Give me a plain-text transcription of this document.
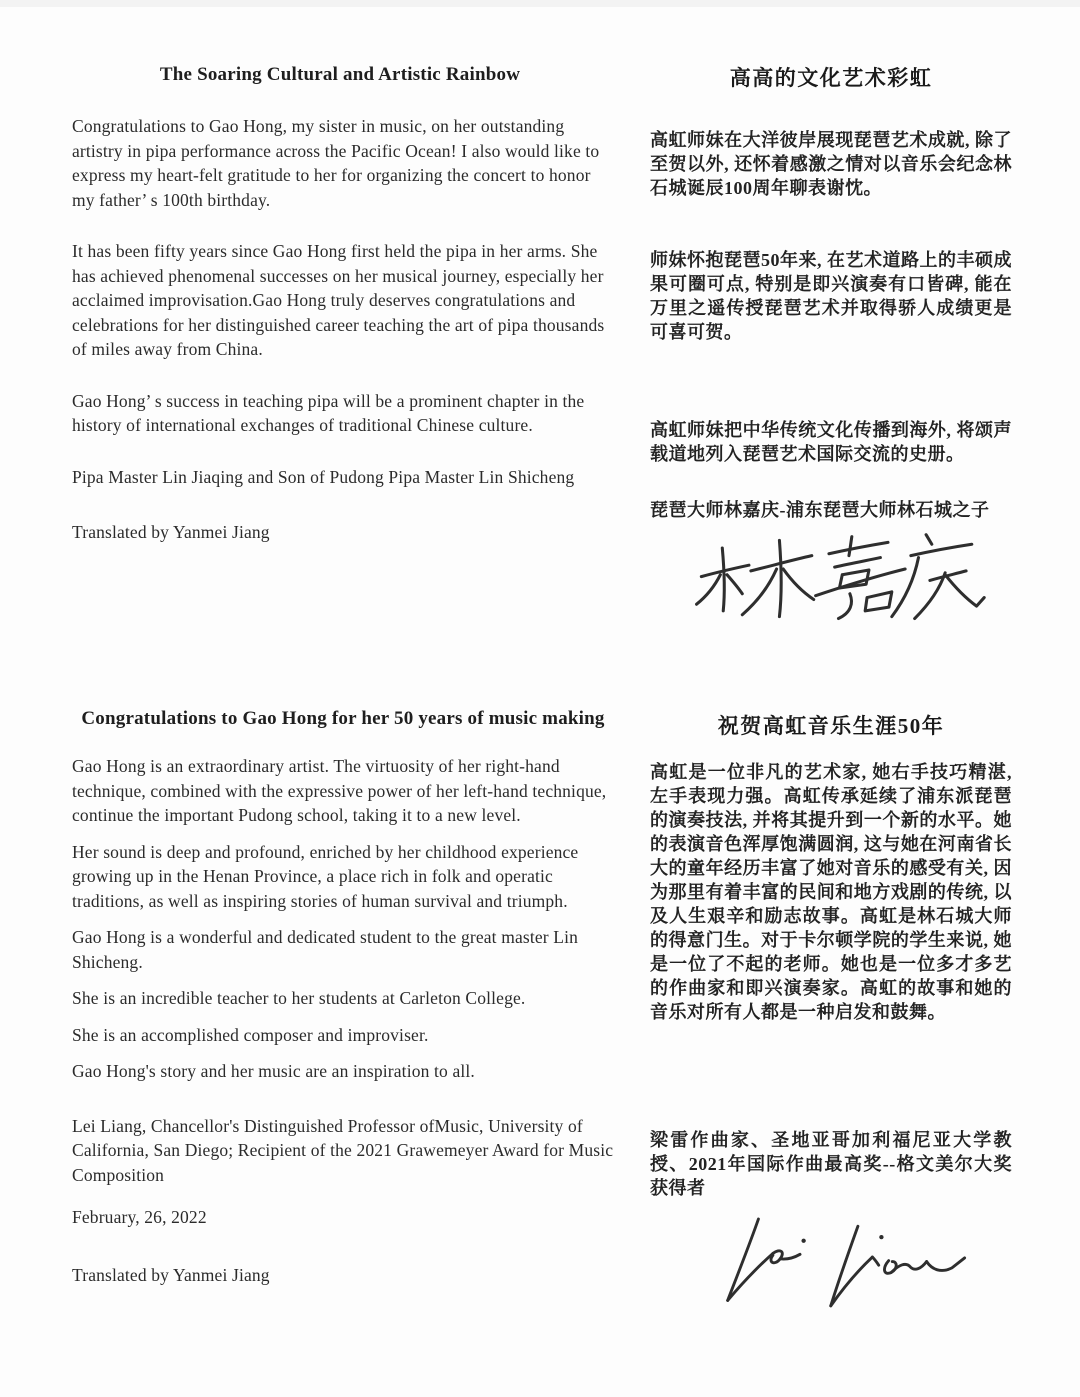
The Soaring Cultural and Artistic Rainbow

Congratulations to Gao Hong, my sister in music, on her outstanding artistry in pipa performance across the Pacific Ocean! I also would like to express my heart-felt gratitude to her for organizing the concert to honor my father’ s 100th birthday.

It has been fifty years since Gao Hong first held the pipa in her arms. She has achieved phenomenal successes on her musical journey, especially her acclaimed improvisation.Gao Hong truly deserves congratulations and celebrations for her distinguished career teaching the art of pipa thousands of miles away from China.

Gao Hong’ s success in teaching pipa will be a prominent chapter in the history of international exchanges of traditional Chinese culture.

Pipa Master Lin Jiaqing and Son of Pudong Pipa Master Lin Shicheng

Translated by Yanmei Jiang

高高的文化艺术彩虹

高虹师妹在大洋彼岸展现琵琶艺术成就, 除了至贺以外, 还怀着感激之情对以音乐会纪念林石城诞辰100周年聊表谢忱。

师妹怀抱琵琶50年来, 在艺术道路上的丰硕成果可圈可点, 特别是即兴演奏有口皆碑, 能在万里之遥传授琵琶艺术并取得骄人成绩更是可喜可贺。

高虹师妹把中华传统文化传播到海外, 将颂声载道地列入琵琶艺术国际交流的史册。

琵琶大师林嘉庆-浦东琵琶大师林石城之子

Congratulations to Gao Hong for her 50 years of music making

Gao Hong is an extraordinary artist. The virtuosity of her right-hand technique, combined with the expressive power of her left-hand technique, continue the important Pudong school, taking it to a new level.

Her sound is deep and profound, enriched by her childhood experience growing up in the Henan Province, a place rich in folk and operatic traditions, as well as inspiring stories of human survival and triumph.

Gao Hong is a wonderful and dedicated student to the great master Lin Shicheng.

She is an incredible teacher to her students at Carleton College.

She is an accomplished composer and improviser.

Gao Hong's story and her music are an inspiration to all.

Lei Liang, Chancellor's Distinguished Professor ofMusic, University of California, San Diego; Recipient of the 2021 Grawemeyer Award for Music Composition

February, 26, 2022

Translated by Yanmei Jiang

祝贺高虹音乐生涯50年

高虹是一位非凡的艺术家, 她右手技巧精湛, 左手表现力强。高虹传承延续了浦东派琵琶的演奏技法, 并将其提升到一个新的水平。她的表演音色浑厚饱满圆润, 这与她在河南省长大的童年经历丰富了她对音乐的感受有关, 因为那里有着丰富的民间和地方戏剧的传统, 以及人生艰辛和励志故事。高虹是林石城大师的得意门生。对于卡尔顿学院的学生来说, 她是一位了不起的老师。她也是一位多才多艺的作曲家和即兴演奏家。高虹的故事和她的音乐对所有人都是一种启发和鼓舞。

梁雷作曲家、圣地亚哥加利福尼亚大学教授、2021年国际作曲最高奖--格文美尔大奖获得者
